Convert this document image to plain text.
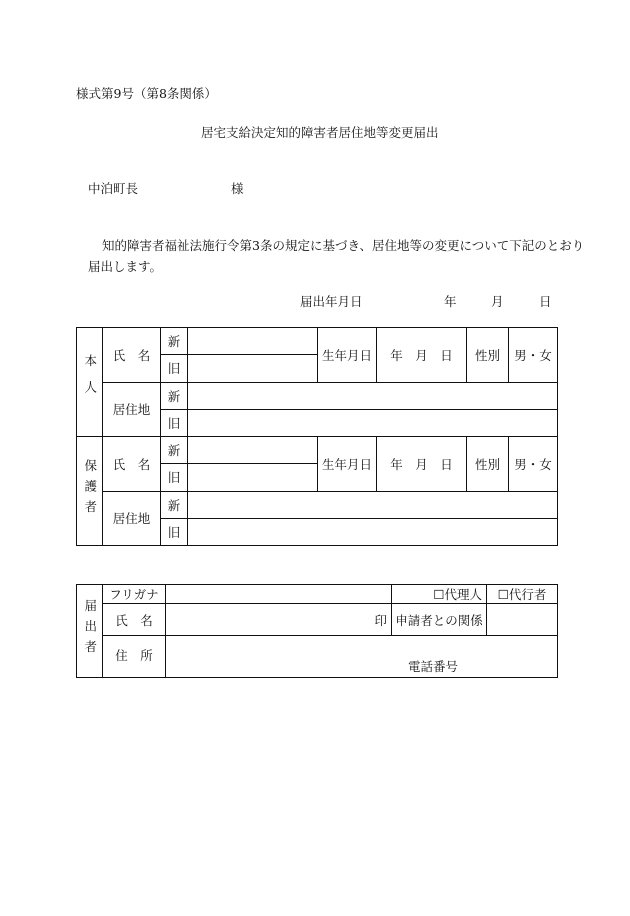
様式第9号（第8条関係）
居宅支給決定知的障害者居住地等変更届出
中泊町長	様
知的障害者福祉法施行令第3条の規定に基づき、居住地等の変更について下記のとおり
届出します。
届出年月日	年	月	日
本人	氏　名	新		生年月日	年　月　日	性別	男・女
		旧					
	居住地	新					
		旧					
保護者	氏　名	新		生年月日	年　月　日	性別	男・女
		旧					
	居住地	新					
		旧					
届出者	フリガナ		☐代理人	☐代行者
	氏　名	印	申請者との関係	
	住　所	電話番号		
